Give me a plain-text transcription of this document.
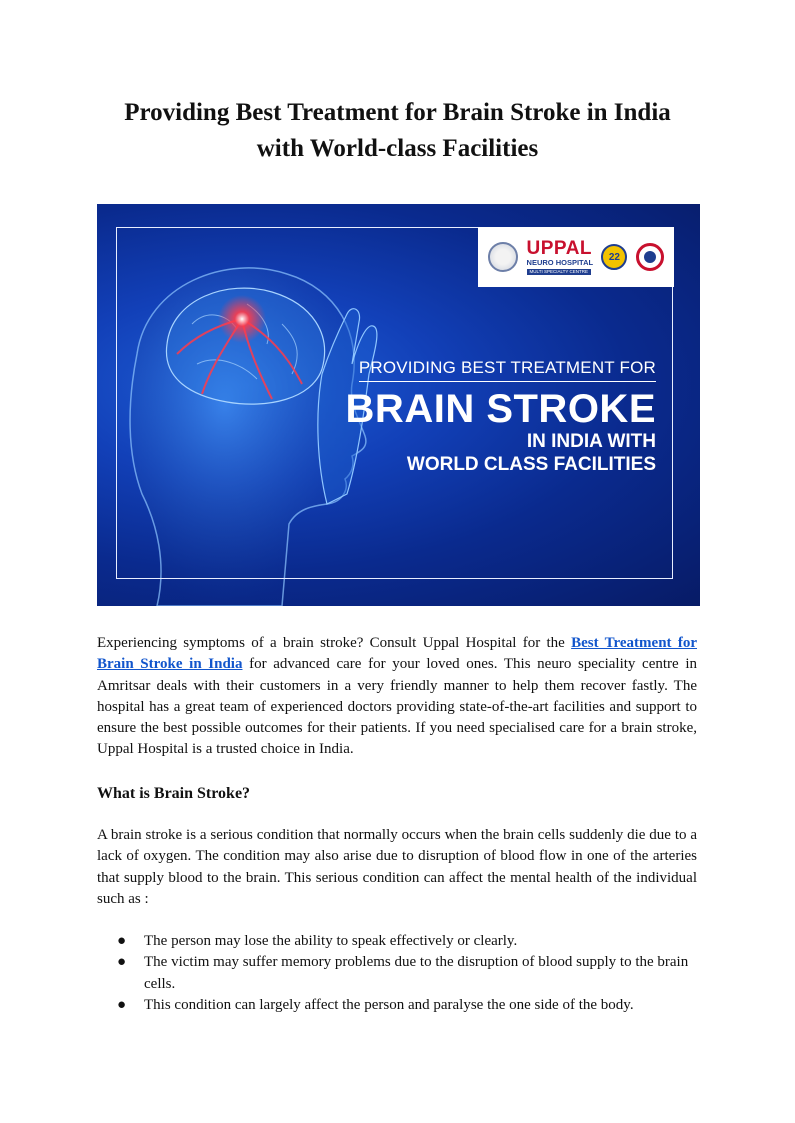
Providing Best Treatment for Brain Stroke in India
with World-class Facilities
UPPAL
NEURO HOSPITAL
MULTI SPECIALTY CENTRE
22
PROVIDING BEST TREATMENT FOR
BRAIN STROKE
IN INDIA WITH
WORLD CLASS FACILITIES

Experiencing symptoms of a brain stroke? Consult Uppal Hospital for the Best Treatment for Brain Stroke in India for advanced care for your loved ones. This neuro speciality centre in Amritsar deals with their customers in a very friendly manner to help them recover fastly. The hospital has a great team of experienced doctors providing state-of-the-art facilities and support to ensure the best possible outcomes for their patients. If you need specialised care for a brain stroke, Uppal Hospital is a trusted choice in India.

What is Brain Stroke?

A brain stroke is a serious condition that normally occurs when the brain cells suddenly die due to a lack of oxygen. The condition may also arise due to disruption of blood flow in one of the arteries that supply blood to the brain. This serious condition can affect the mental health of the individual such as :

● The person may lose the ability to speak effectively or clearly.
● The victim may suffer memory problems due to the disruption of blood supply to the brain cells.
● This condition can largely affect the person and paralyse the one side of the body.
